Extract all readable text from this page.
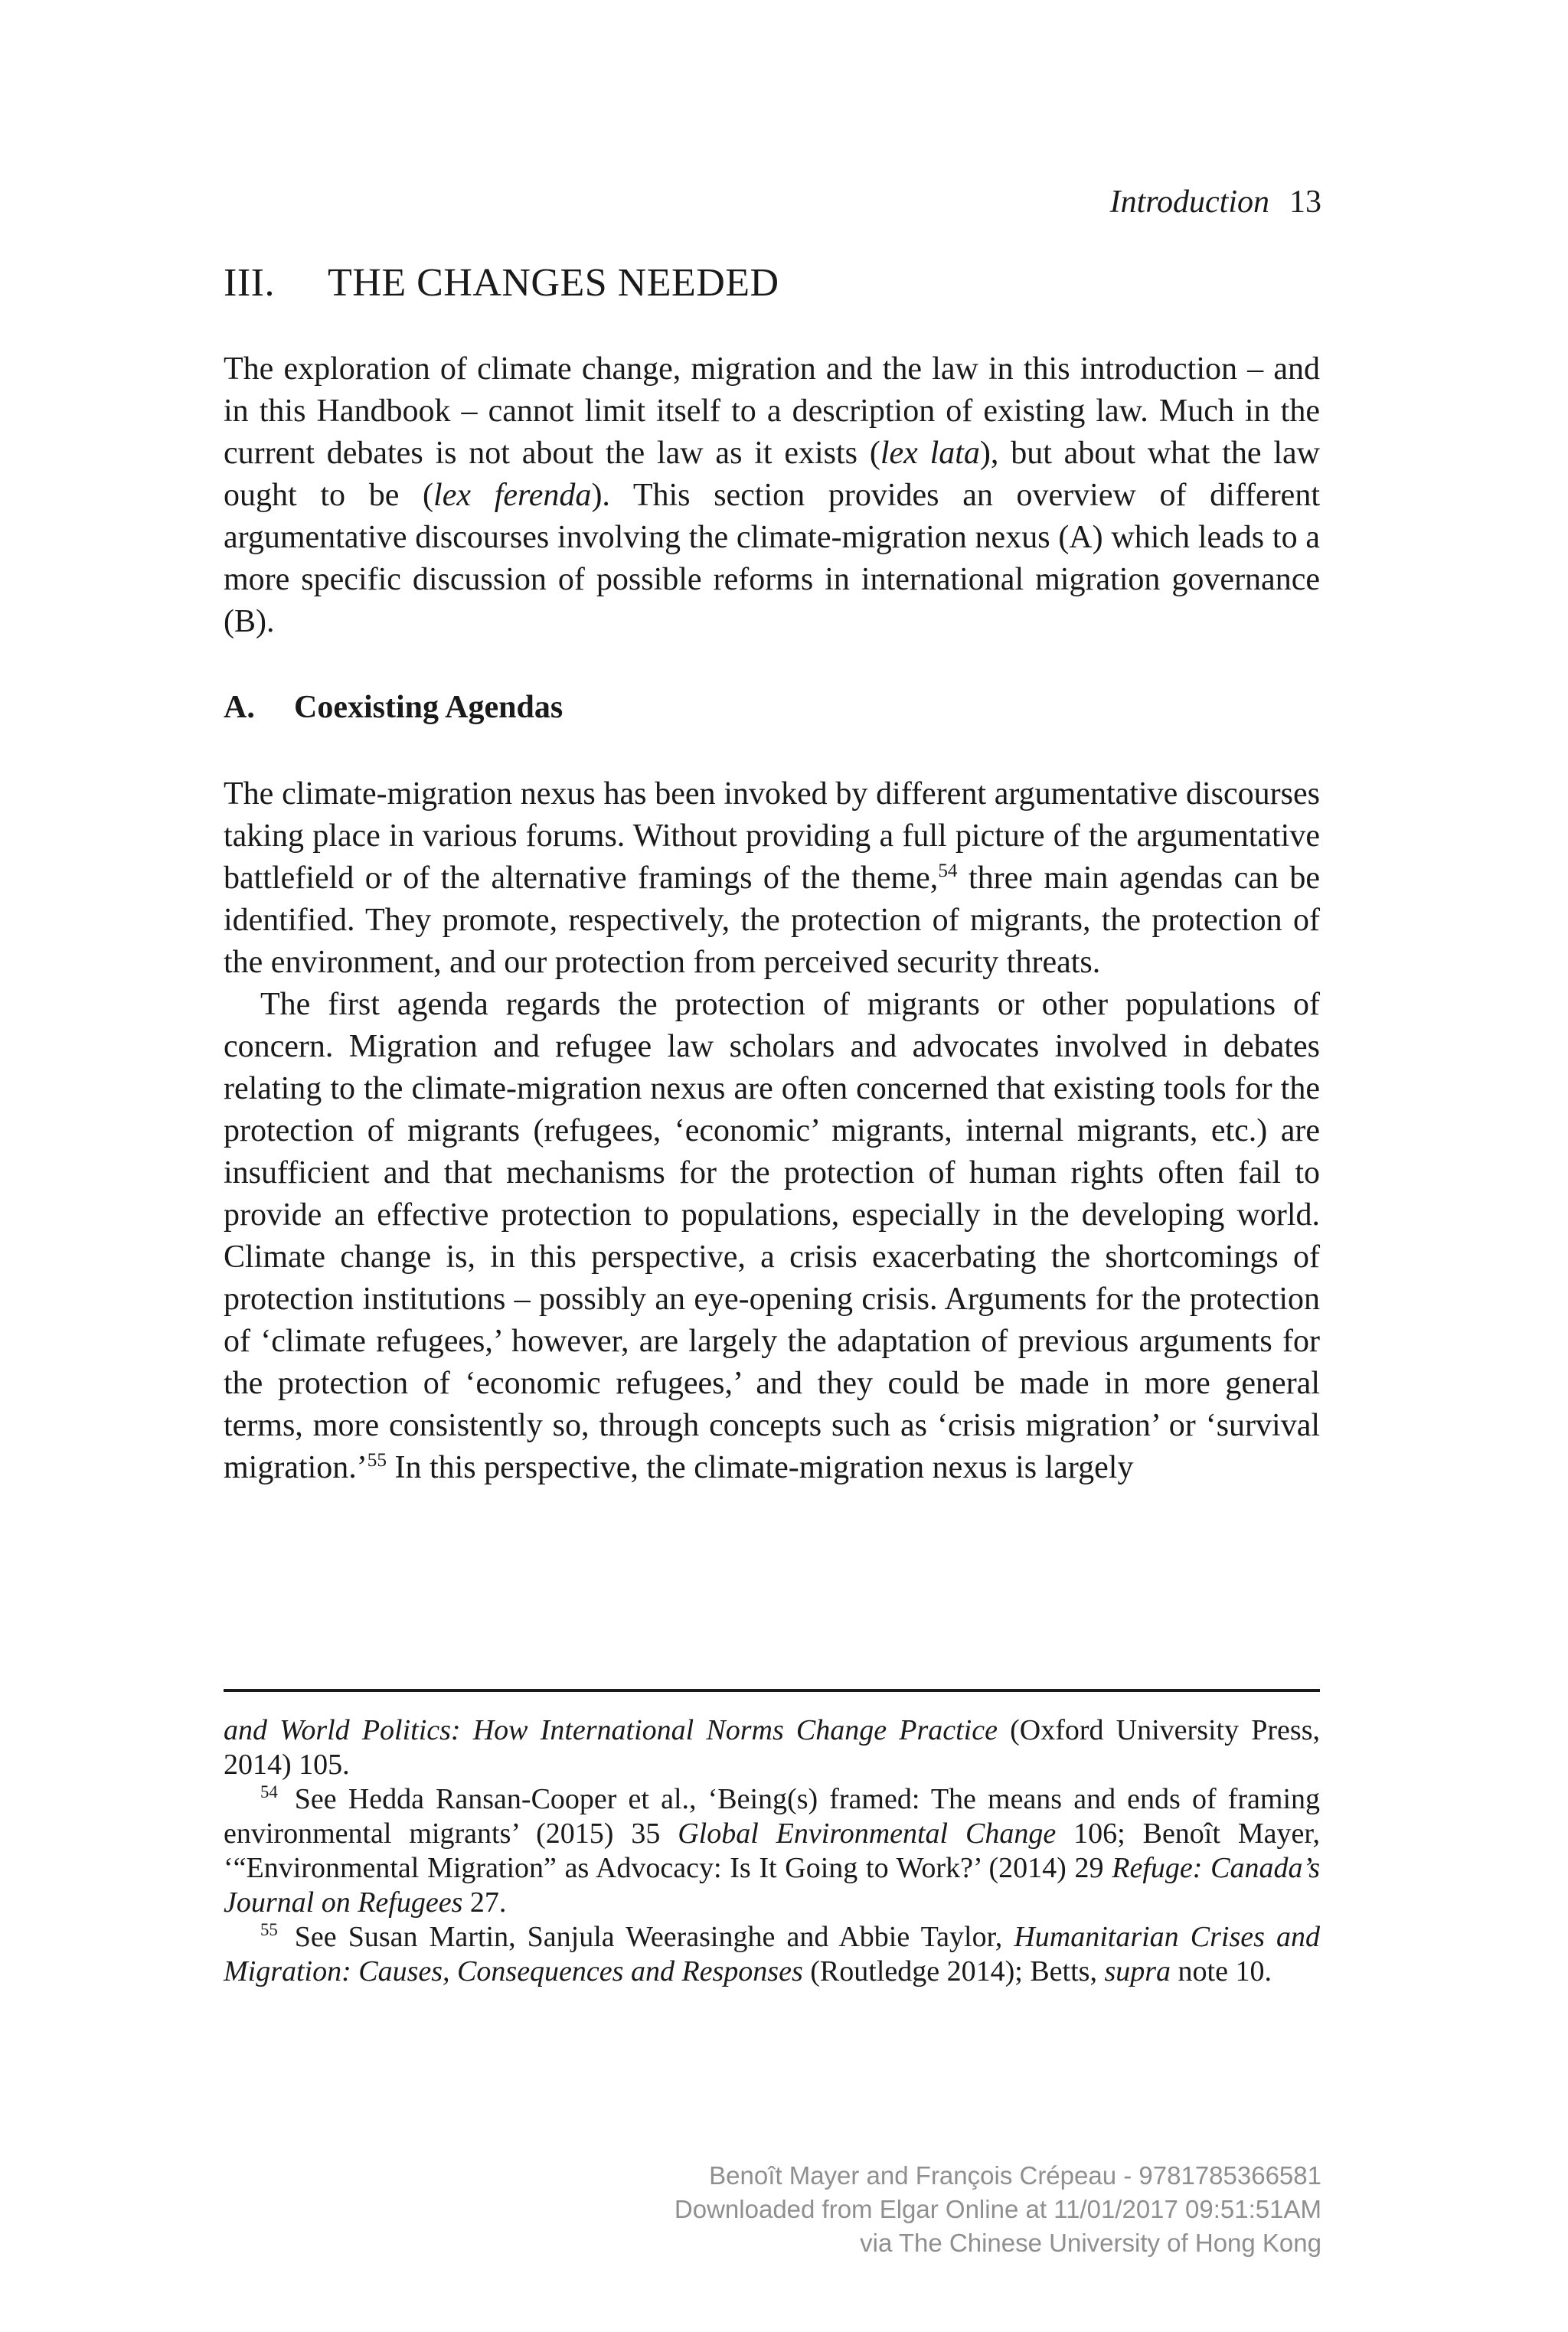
Introduction 13
III. THE CHANGES NEEDED

The exploration of climate change, migration and the law in this introduction – and in this Handbook – cannot limit itself to a description of existing law. Much in the current debates is not about the law as it exists (lex lata), but about what the law ought to be (lex ferenda). This section provides an overview of different argumentative discourses involving the climate-migration nexus (A) which leads to a more specific discussion of possible reforms in international migration governance (B).

A. Coexisting Agendas

The climate-migration nexus has been invoked by different argumentative discourses taking place in various forums. Without providing a full picture of the argumentative battlefield or of the alternative framings of the theme,$^{54}$ three main agendas can be identified. They promote, respectively, the protection of migrants, the protection of the environment, and our protection from perceived security threats.

The first agenda regards the protection of migrants or other populations of concern. Migration and refugee law scholars and advocates involved in debates relating to the climate-migration nexus are often concerned that existing tools for the protection of migrants (refugees, ‘economic’ migrants, internal migrants, etc.) are insufficient and that mechanisms for the protection of human rights often fail to provide an effective protection to populations, especially in the developing world. Climate change is, in this perspective, a crisis exacerbating the shortcomings of protection institutions – possibly an eye-opening crisis. Arguments for the protection of ‘climate refugees,’ however, are largely the adaptation of previous arguments for the protection of ‘economic refugees,’ and they could be made in more general terms, more consistently so, through concepts such as ‘crisis migration’ or ‘survival migration.’$^{55}$ In this perspective, the climate-migration nexus is largely

and World Politics: How International Norms Change Practice (Oxford University Press, 2014) 105.

$^{54}$ See Hedda Ransan-Cooper et al., ‘Being(s) framed: The means and ends of framing environmental migrants’ (2015) 35 Global Environmental Change 106; Benoît Mayer, ‘“Environmental Migration” as Advocacy: Is It Going to Work?’ (2014) 29 Refuge: Canada’s Journal on Refugees 27.

$^{55}$ See Susan Martin, Sanjula Weerasinghe and Abbie Taylor, Humanitarian Crises and Migration: Causes, Consequences and Responses (Routledge 2014); Betts, supra note 10.

Benoît Mayer and François Crépeau - 9781785366581
Downloaded from Elgar Online at 11/01/2017 09:51:51AM
via The Chinese University of Hong Kong
